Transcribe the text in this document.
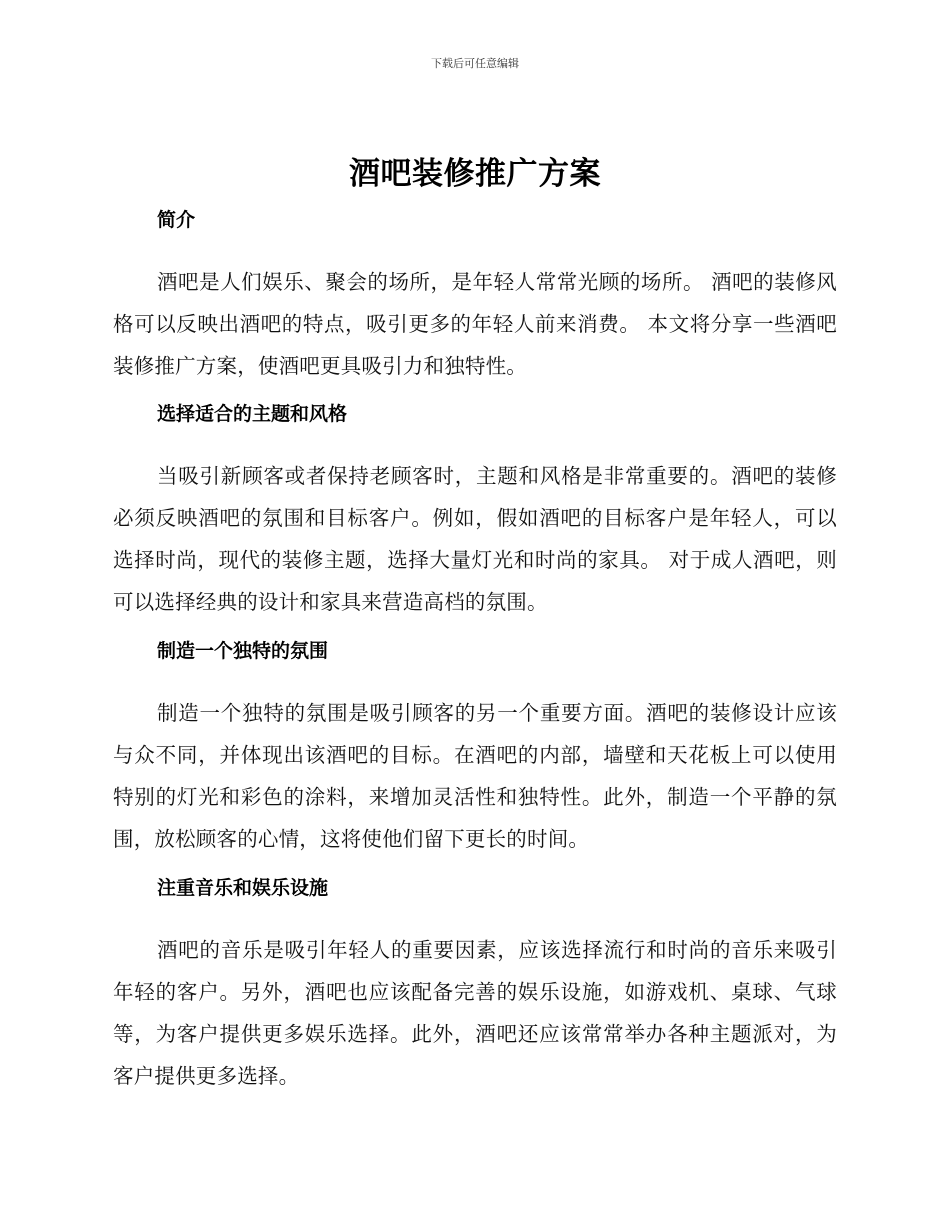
下载后可任意编辑
酒吧装修推广方案
简介

酒吧是人们娱乐、聚会的场所，是年轻人常常光顾的场所。 酒吧的装修风格可以反映出酒吧的特点，吸引更多的年轻人前来消费。 本文将分享一些酒吧装修推广方案，使酒吧更具吸引力和独特性。

选择适合的主题和风格

当吸引新顾客或者保持老顾客时，主题和风格是非常重要的。酒吧的装修必须反映酒吧的氛围和目标客户。例如，假如酒吧的目标客户是年轻人，可以选择时尚，现代的装修主题，选择大量灯光和时尚的家具。 对于成人酒吧，则可以选择经典的设计和家具来营造高档的氛围。

制造一个独特的氛围

制造一个独特的氛围是吸引顾客的另一个重要方面。酒吧的装修设计应该与众不同，并体现出该酒吧的目标。在酒吧的内部，墙壁和天花板上可以使用特别的灯光和彩色的涂料，来增加灵活性和独特性。此外，制造一个平静的氛围，放松顾客的心情，这将使他们留下更长的时间。

注重音乐和娱乐设施

酒吧的音乐是吸引年轻人的重要因素，应该选择流行和时尚的音乐来吸引年轻的客户。另外，酒吧也应该配备完善的娱乐设施，如游戏机、桌球、气球等，为客户提供更多娱乐选择。此外，酒吧还应该常常举办各种主题派对，为客户提供更多选择。
